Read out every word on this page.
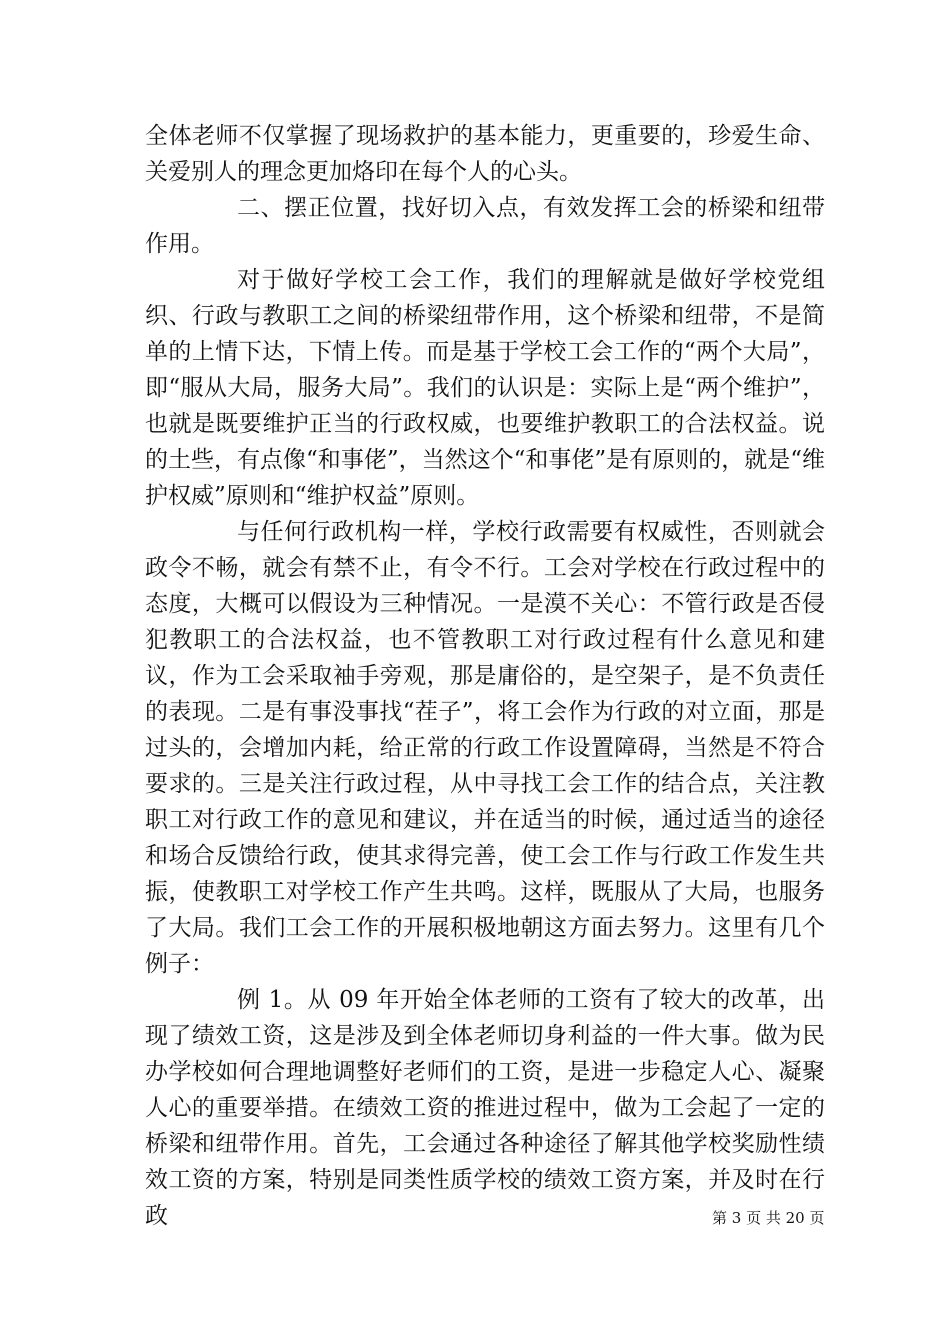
全体老师不仅掌握了现场救护的基本能力，更重要的，珍爱生命、关爱别人的理念更加烙印在每个人的心头。

二、摆正位置，找好切入点，有效发挥工会的桥梁和纽带作用。

对于做好学校工会工作，我们的理解就是做好学校党组织、行政与教职工之间的桥梁纽带作用，这个桥梁和纽带，不是简单的上情下达，下情上传。而是基于学校工会工作的“两个大局”，即“服从大局，服务大局”。我们的认识是：实际上是“两个维护”，也就是既要维护正当的行政权威，也要维护教职工的合法权益。说的土些，有点像“和事佬”，当然这个“和事佬”是有原则的，就是“维护权威”原则和“维护权益”原则。

与任何行政机构一样，学校行政需要有权威性，否则就会政令不畅，就会有禁不止，有令不行。工会对学校在行政过程中的态度，大概可以假设为三种情况。一是漠不关心：不管行政是否侵犯教职工的合法权益，也不管教职工对行政过程有什么意见和建议，作为工会采取袖手旁观，那是庸俗的，是空架子，是不负责任的表现。二是有事没事找“茬子”，将工会作为行政的对立面，那是过头的，会增加内耗，给正常的行政工作设置障碍，当然是不符合要求的。三是关注行政过程，从中寻找工会工作的结合点，关注教职工对行政工作的意见和建议，并在适当的时候，通过适当的途径和场合反馈给行政，使其求得完善，使工会工作与行政工作发生共振，使教职工对学校工作产生共鸣。这样，既服从了大局，也服务了大局。我们工会工作的开展积极地朝这方面去努力。这里有几个例子：

例 1。从 09 年开始全体老师的工资有了较大的改革，出现了绩效工资，这是涉及到全体老师切身利益的一件大事。做为民办学校如何合理地调整好老师们的工资，是进一步稳定人心、凝聚人心的重要举措。在绩效工资的推进过程中，做为工会起了一定的桥梁和纽带作用。首先，工会通过各种途径了解其他学校奖励性绩效工资的方案，特别是同类性质学校的绩效工资方案，并及时在行政	第 3 页 共 20 页
